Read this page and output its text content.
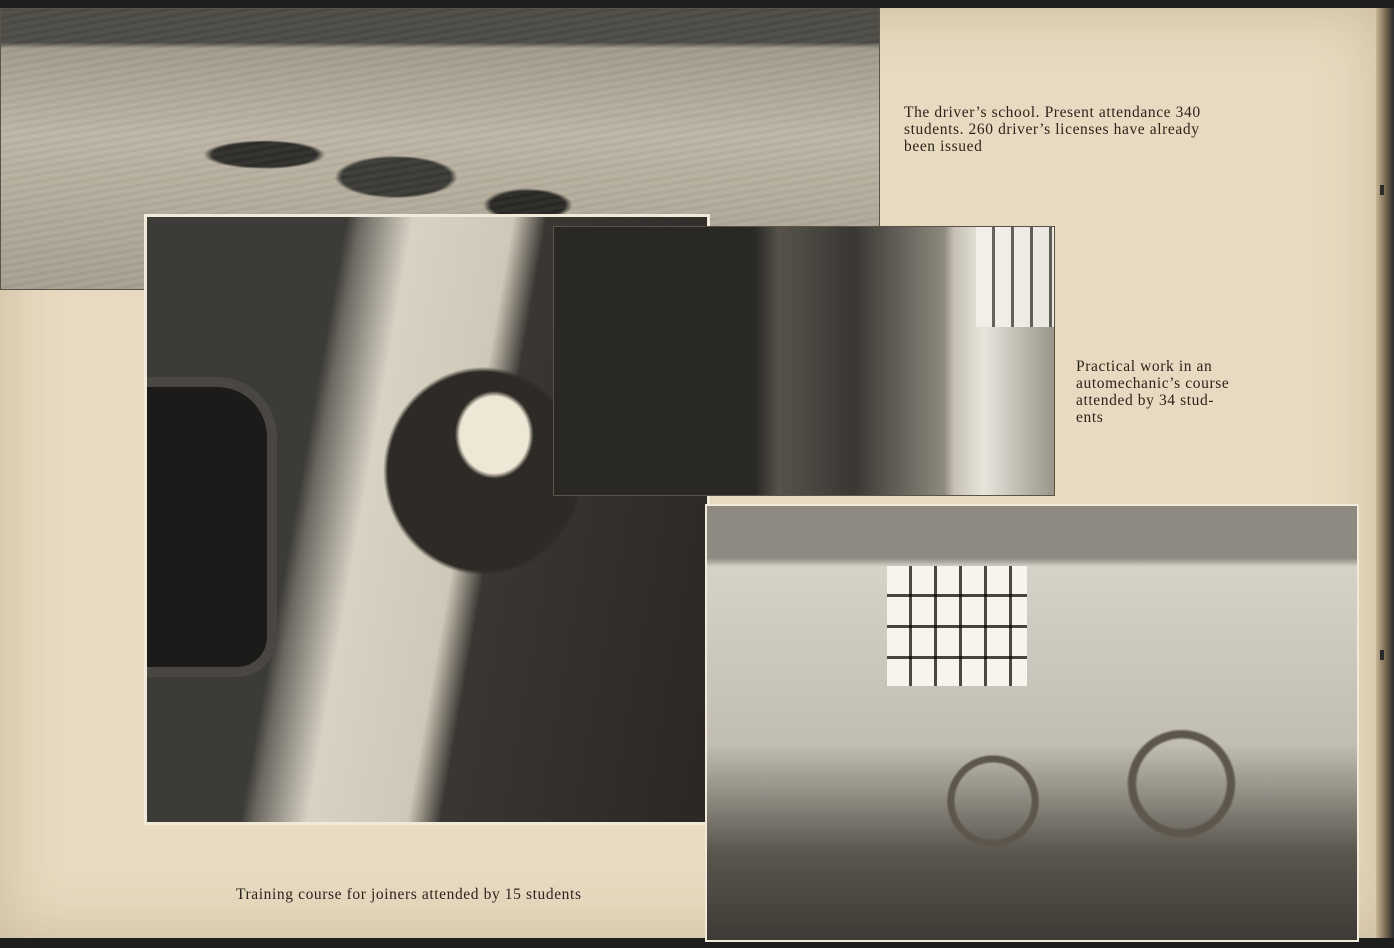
The driver’s school. Present attendance 340
students. 260 driver’s licenses have already
been issued
Practical work in an
automechanic’s course
attended by 34 stud-
ents
Training course for joiners attended by 15 students
